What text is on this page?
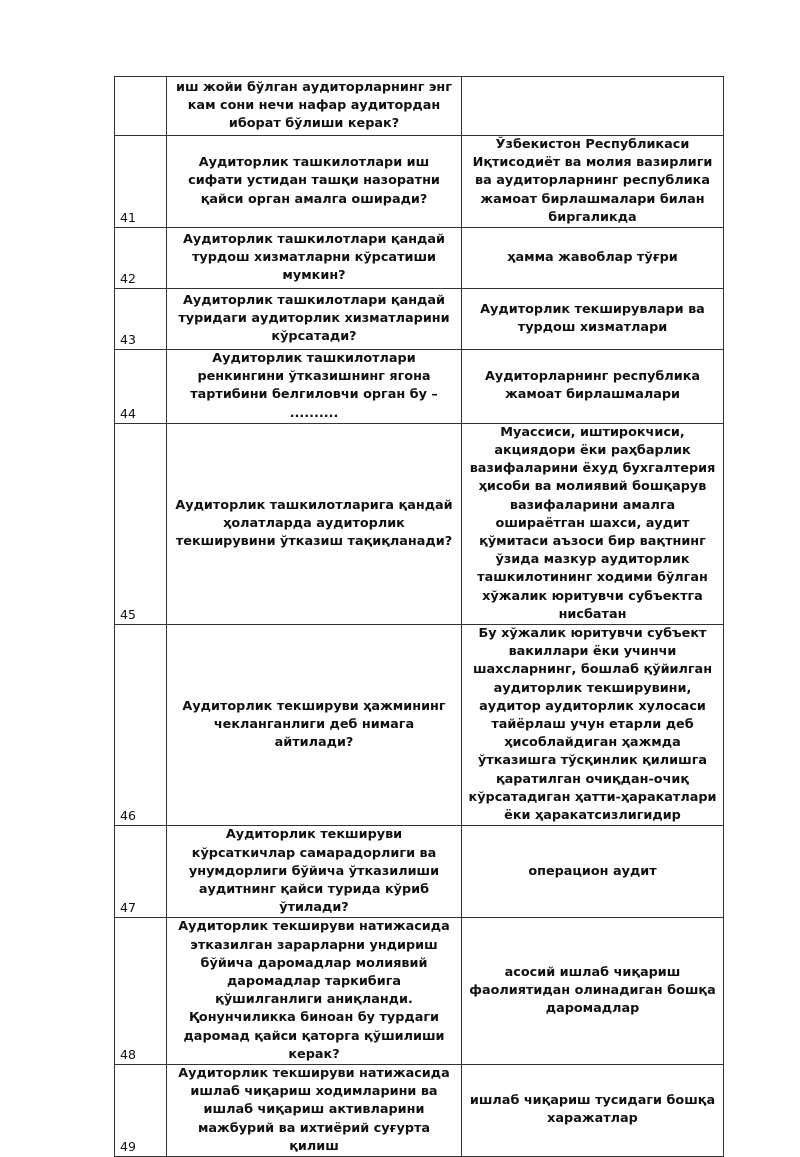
	иш жойи бўлган аудиторларнинг энг кам сони нечи нафар аудитордан иборат бўлиши керак?	

41	Аудиторлик ташкилотлари иш сифати устидан ташқи назоратни қайси орган амалга оширади?	Ўзбекистон Республикаси Иқтисодиёт ва молия вазирлиги ва аудиторларнинг республика жамоат бирлашмалари билан биргаликда

42	Аудиторлик ташкилотлари қандай турдош хизматларни кўрсатиши мумкин?	ҳамма жавоблар тўғри

43	Аудиторлик ташкилотлари қандай туридаги аудиторлик хизматларини кўрсатади?	Аудиторлик текширувлари ва турдош хизматлари

44	Аудиторлик ташкилотлари ренкингини ўтказишнинг ягона тартибини белгиловчи орган бу – ..........	Аудиторларнинг республика жамоат бирлашмалари

45	Аудиторлик ташкилотларига қандай ҳолатларда аудиторлик текширувини ўтказиш тақиқланади?	Муассиси, иштирокчиси, акциядори ёки раҳбарлик вазифаларини ёхуд бухгалтерия ҳисоби ва молиявий бошқарув вазифаларини амалга ошираётган шахси, аудит қўмитаси аъзоси бир вақтнинг ўзида мазкур аудиторлик ташкилотининг ходими бўлган хўжалик юритувчи субъектга нисбатан

46	Аудиторлик текшируви ҳажмининг чекланганлиги деб нимага айтилади?	Бу хўжалик юритувчи субъект вакиллари ёки учинчи шахсларнинг, бошлаб қўйилган аудиторлик текширувини, аудитор аудиторлик хулосаси тайёрлаш учун етарли деб ҳисоблайдиган ҳажмда ўтказишга тўсқинлик қилишга қаратилган очиқдан-очиқ кўрсатадиган ҳатти-ҳаракатлари ёки ҳаракатсизлигидир

47	Аудиторлик текшируви кўрсаткичлар самарадорлиги ва унумдорлиги бўйича ўтказилиши аудитнинг қайси турида кўриб ўтилади?	операцион аудит

48	Аудиторлик текшируви натижасида этказилган зарарларни ундириш бўйича даромадлар молиявий даромадлар таркибига қўшилганлиги аниқланди. Қонунчиликка биноан бу турдаги даромад қайси қаторга қўшилиши керак?	асосий ишлаб чиқариш фаолиятидан олинадиган бошқа даромадлар

49	Аудиторлик текшируви натижасида ишлаб чиқариш ходимларини ва ишлаб чиқариш активларини мажбурий ва ихтиёрий суғурта қилиш	ишлаб чиқариш тусидаги бошқа харажатлар
